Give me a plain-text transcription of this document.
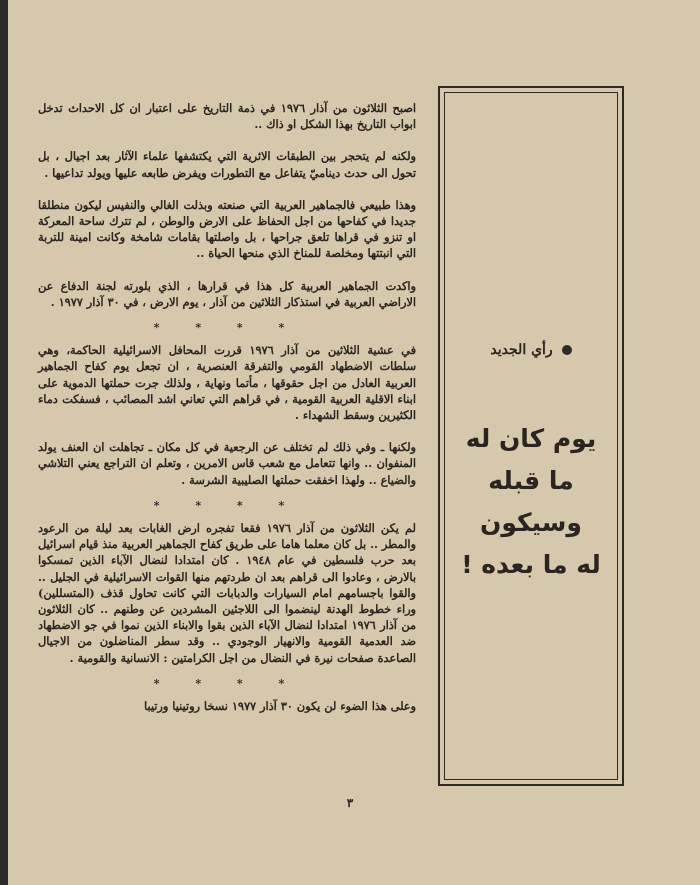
اصبح الثلاثون من آذار ١٩٧٦ في ذمة التاريخ على اعتبار ان كل الاحداث تدخل ابواب التاريخ بهذا الشكل او ذاك ..

ولكنه لم يتحجر بين الطبقات الاثرية التي يكتشفها علماء الآثار بعد اجيال ، بل تحول الى حدث ديناميّ يتفاعل مع التطورات ويفرض طابعه عليها ويولد تداعيها .

وهذا طبيعي فالجماهير العربية التي صنعته وبذلت الغالي والنفيس ليكون منطلقا جديدا في كفاحها من اجل الحفاظ على الارض والوطن ، لم تترك ساحة المعركة او تنزو في قراها تلعق جراحها ، بل واصلتها بقامات شامخة وكانت امينة للتربة التي انبتتها ومخلصة للمناخ الذي منحها الحياة ..

واكدت الجماهير العربية كل هذا في قرارها ، الذي بلورته لجنة الدفاع عن الاراضي العربية في استذكار الثلاثين من آذار ، يوم الارض ، في ٣٠ آذار ١٩٧٧ .

* * * *

في عشية الثلاثين من آذار ١٩٧٦ قررت المحافل الاسرائيلية الحاكمة، وهي سلطات الاضطهاد القومي والتفرقة العنصرية ، ان تجعل يوم كفاح الجماهير العربية العادل من اجل حقوقها ، مأتما ونهاية ، ولذلك جرت حملتها الدموية على ابناء الاقلية العربية القومية ، في قراهم التي تعاني اشد المصائب ، فسفكت دماء الكثيرين وسقط الشهداء .

ولكنها ـ وفي ذلك لم تختلف عن الرجعية في كل مكان ـ تجاهلت ان العنف يولد المنفوان .. وانها تتعامل مع شعب قاس الامرين ، وتعلم ان التراجع يعني التلاشي والضياع .. ولهذا اخفقت حملتها الصليبية الشرسة .

* * * *

لم يكن الثلاثون من آذار ١٩٧٦ فقعا تفجره ارض الغابات بعد ليلة من الرعود والمطر .. بل كان معلما هاما على طريق كفاح الجماهير العربية منذ قيام اسرائيل بعد حرب فلسطين في عام ١٩٤٨ . كان امتدادا لنضال الآباء الذين تمسكوا بالارض ، وعادوا الى قراهم بعد ان طردتهم منها القوات الاسرائيلية في الجليل .. والقوا باجسامهم امام السيارات والدبابات التي كانت تحاول قذف (المتسللين) وراء خطوط الهدنة لينضموا الى اللاجئين المشردين عن وطنهم .. كان الثلاثون من آذار ١٩٧٦ امتدادا لنضال الآباء الذين بقوا والابناء الذين نموا في جو الاضطهاد ضد العدمية القومية والانهيار الوجودي .. وقد سطر المناضلون من الاجيال الصاعدة صفحات نيرة في النضال من اجل الكرامتين : الانسانية والقومية .

* * * *

وعلى هذا الضوء لن يكون ٣٠ آذار ١٩٧٧ نسخا روتينيا ورتيبا

رأي الجديد
يوم كان له
ما قبله
وسيكون
له ما بعده !
٣
